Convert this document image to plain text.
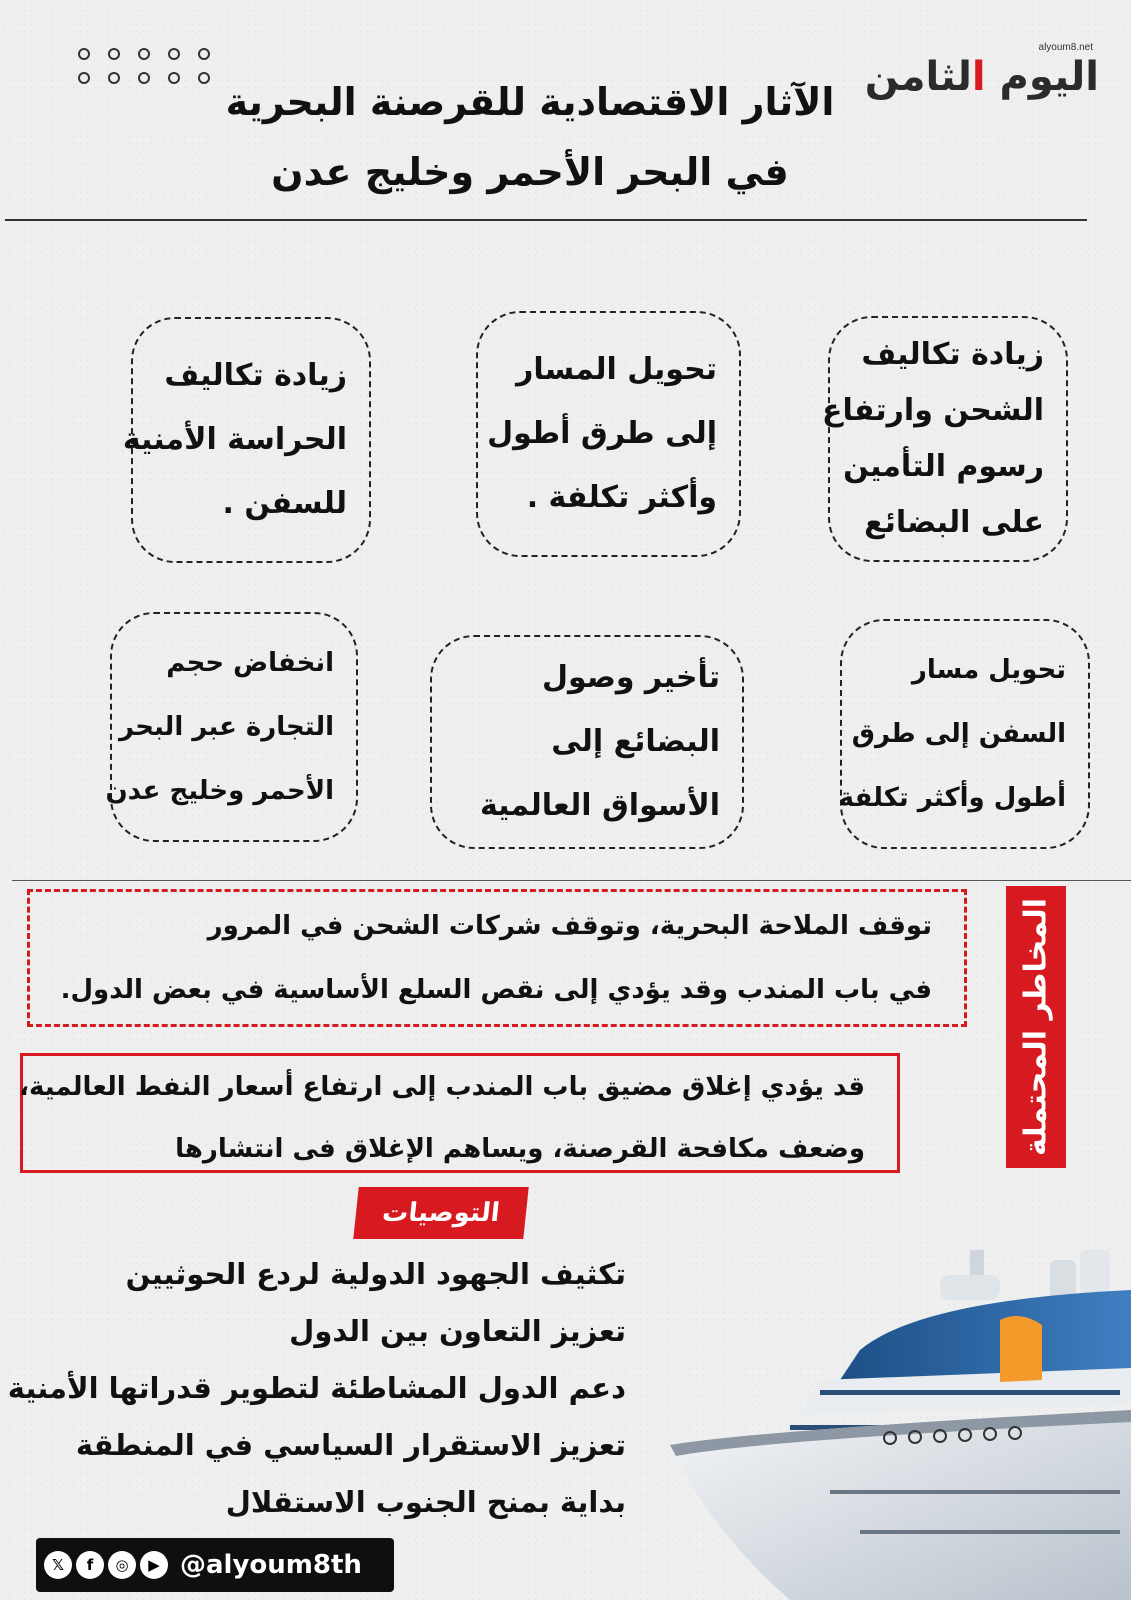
alyoum8.net
اليوم الثامن
الآثار الاقتصادية للقرصنة البحرية
في البحر الأحمر وخليج عدن
زيادة تكاليف
الشحن وارتفاع
رسوم التأمين
على البضائع
تحويل المسار
إلى طرق أطول
وأكثر تكلفة .
زيادة تكاليف
الحراسة الأمنية
للسفن .
تحويل مسار
السفن إلى طرق
أطول وأكثر تكلفة
تأخير وصول
البضائع إلى
الأسواق العالمية
انخفاض حجم
التجارة عبر البحر
الأحمر وخليج عدن
المخاطر المحتملة
توقف الملاحة البحرية، وتوقف شركات الشحن في المرور
في باب المندب وقد يؤدي إلى نقص السلع الأساسية في بعض الدول.
قد يؤدي إغلاق مضيق باب المندب إلى ارتفاع أسعار النفط العالمية،
وضعف مكافحة القرصنة، ويساهم الإغلاق فى انتشارها
التوصيات
تكثيف الجهود الدولية لردع الحوثيين
تعزيز التعاون بين الدول
دعم الدول المشاطئة لتطوير قدراتها الأمنية
تعزيز الاستقرار السياسي في المنطقة
بداية بمنح الجنوب الاستقلال
𝕏	f	◎	▶ @alyoum8th
